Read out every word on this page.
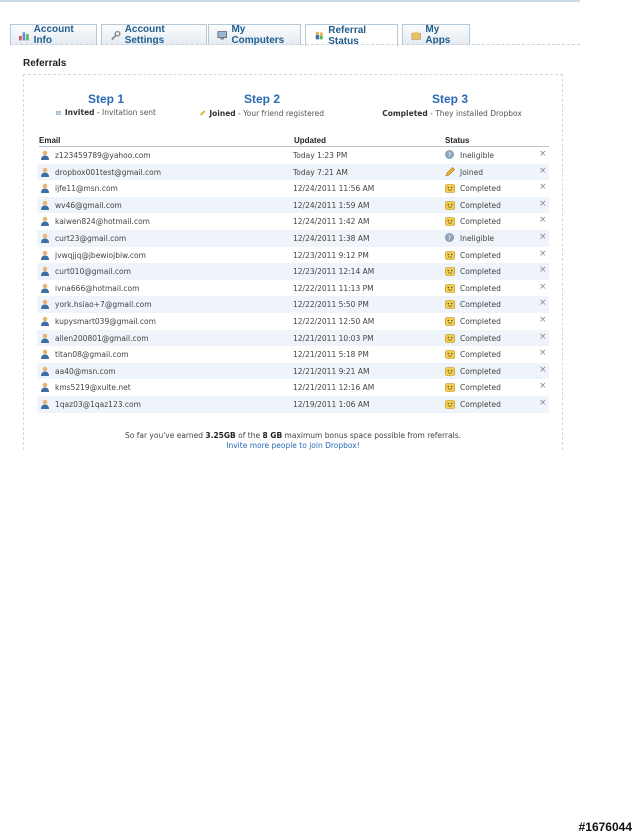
Account Info
Account Settings
My Computers
Referral Status
My Apps
Referrals
Step 1
Invited - Invitation sent
Step 2
Joined - Your friend registered
Step 3
Completed - They installed Dropbox
Email	Updated	Status
z123459789@yahoo.com	Today 1:23 PM	? Ineligible	×
dropbox001test@gmail.com	Today 7:21 AM	Joined	×
ijfe11@msn.com	12/24/2011 11:56 AM	Completed	×
wv46@gmail.com	12/24/2011 1:59 AM	Completed	×
kaiwen824@hotmail.com	12/24/2011 1:42 AM	Completed	×
curt23@gmail.com	12/24/2011 1:38 AM	? Ineligible	×
jvwqjjq@jbewiojbiw.com	12/23/2011 9:12 PM	Completed	×
curt010@gmail.com	12/23/2011 12:14 AM	Completed	×
ivna666@hotmail.com	12/22/2011 11:13 PM	Completed	×
york.hsiao+7@gmail.com	12/22/2011 5:50 PM	Completed	×
kupysmart039@gmail.com	12/22/2011 12:50 AM	Completed	×
allen200801@gmail.com	12/21/2011 10:03 PM	Completed	×
titan08@gmail.com	12/21/2011 5:18 PM	Completed	×
aa40@msn.com	12/21/2011 9:21 AM	Completed	×
kms5219@xuite.net	12/21/2011 12:16 AM	Completed	×
1qaz03@1qaz123.com	12/19/2011 1:06 AM	Completed	×
So far you've earned 3.25GB of the 8 GB maximum bonus space possible from referrals.
Invite more people to join Dropbox!
#1676044
